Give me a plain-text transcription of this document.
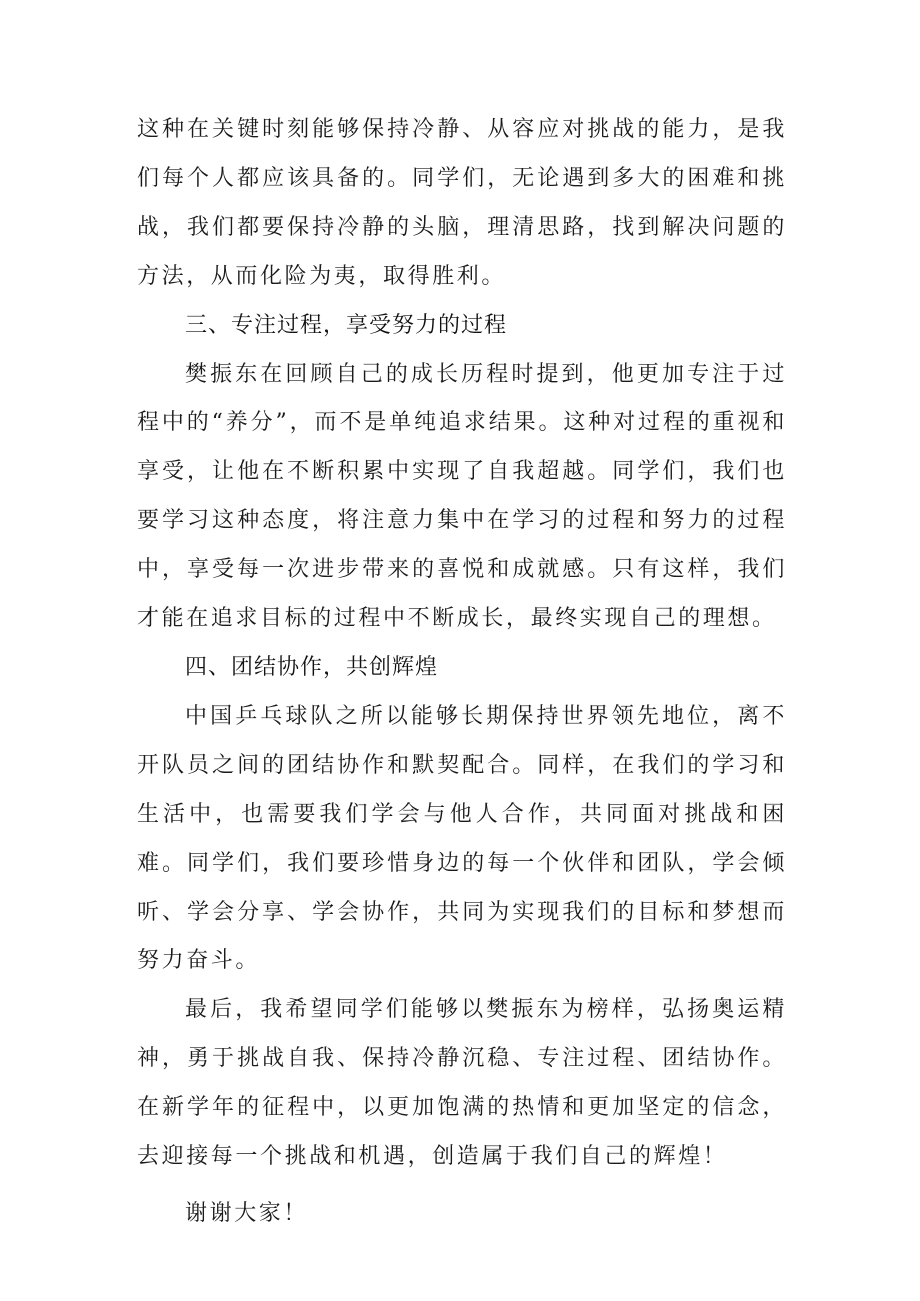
这种在关键时刻能够保持冷静、从容应对挑战的能力，是我们每个人都应该具备的。同学们，无论遇到多大的困难和挑战，我们都要保持冷静的头脑，理清思路，找到解决问题的方法，从而化险为夷，取得胜利。

三、专注过程，享受努力的过程

樊振东在回顾自己的成长历程时提到，他更加专注于过程中的“养分”，而不是单纯追求结果。这种对过程的重视和享受，让他在不断积累中实现了自我超越。同学们，我们也要学习这种态度，将注意力集中在学习的过程和努力的过程中，享受每一次进步带来的喜悦和成就感。只有这样，我们才能在追求目标的过程中不断成长，最终实现自己的理想。

四、团结协作，共创辉煌

中国乒乓球队之所以能够长期保持世界领先地位，离不开队员之间的团结协作和默契配合。同样，在我们的学习和生活中，也需要我们学会与他人合作，共同面对挑战和困难。同学们，我们要珍惜身边的每一个伙伴和团队，学会倾听、学会分享、学会协作，共同为实现我们的目标和梦想而努力奋斗。

最后，我希望同学们能够以樊振东为榜样，弘扬奥运精神，勇于挑战自我、保持冷静沉稳、专注过程、团结协作。在新学年的征程中，以更加饱满的热情和更加坚定的信念，去迎接每一个挑战和机遇，创造属于我们自己的辉煌！

谢谢大家！
